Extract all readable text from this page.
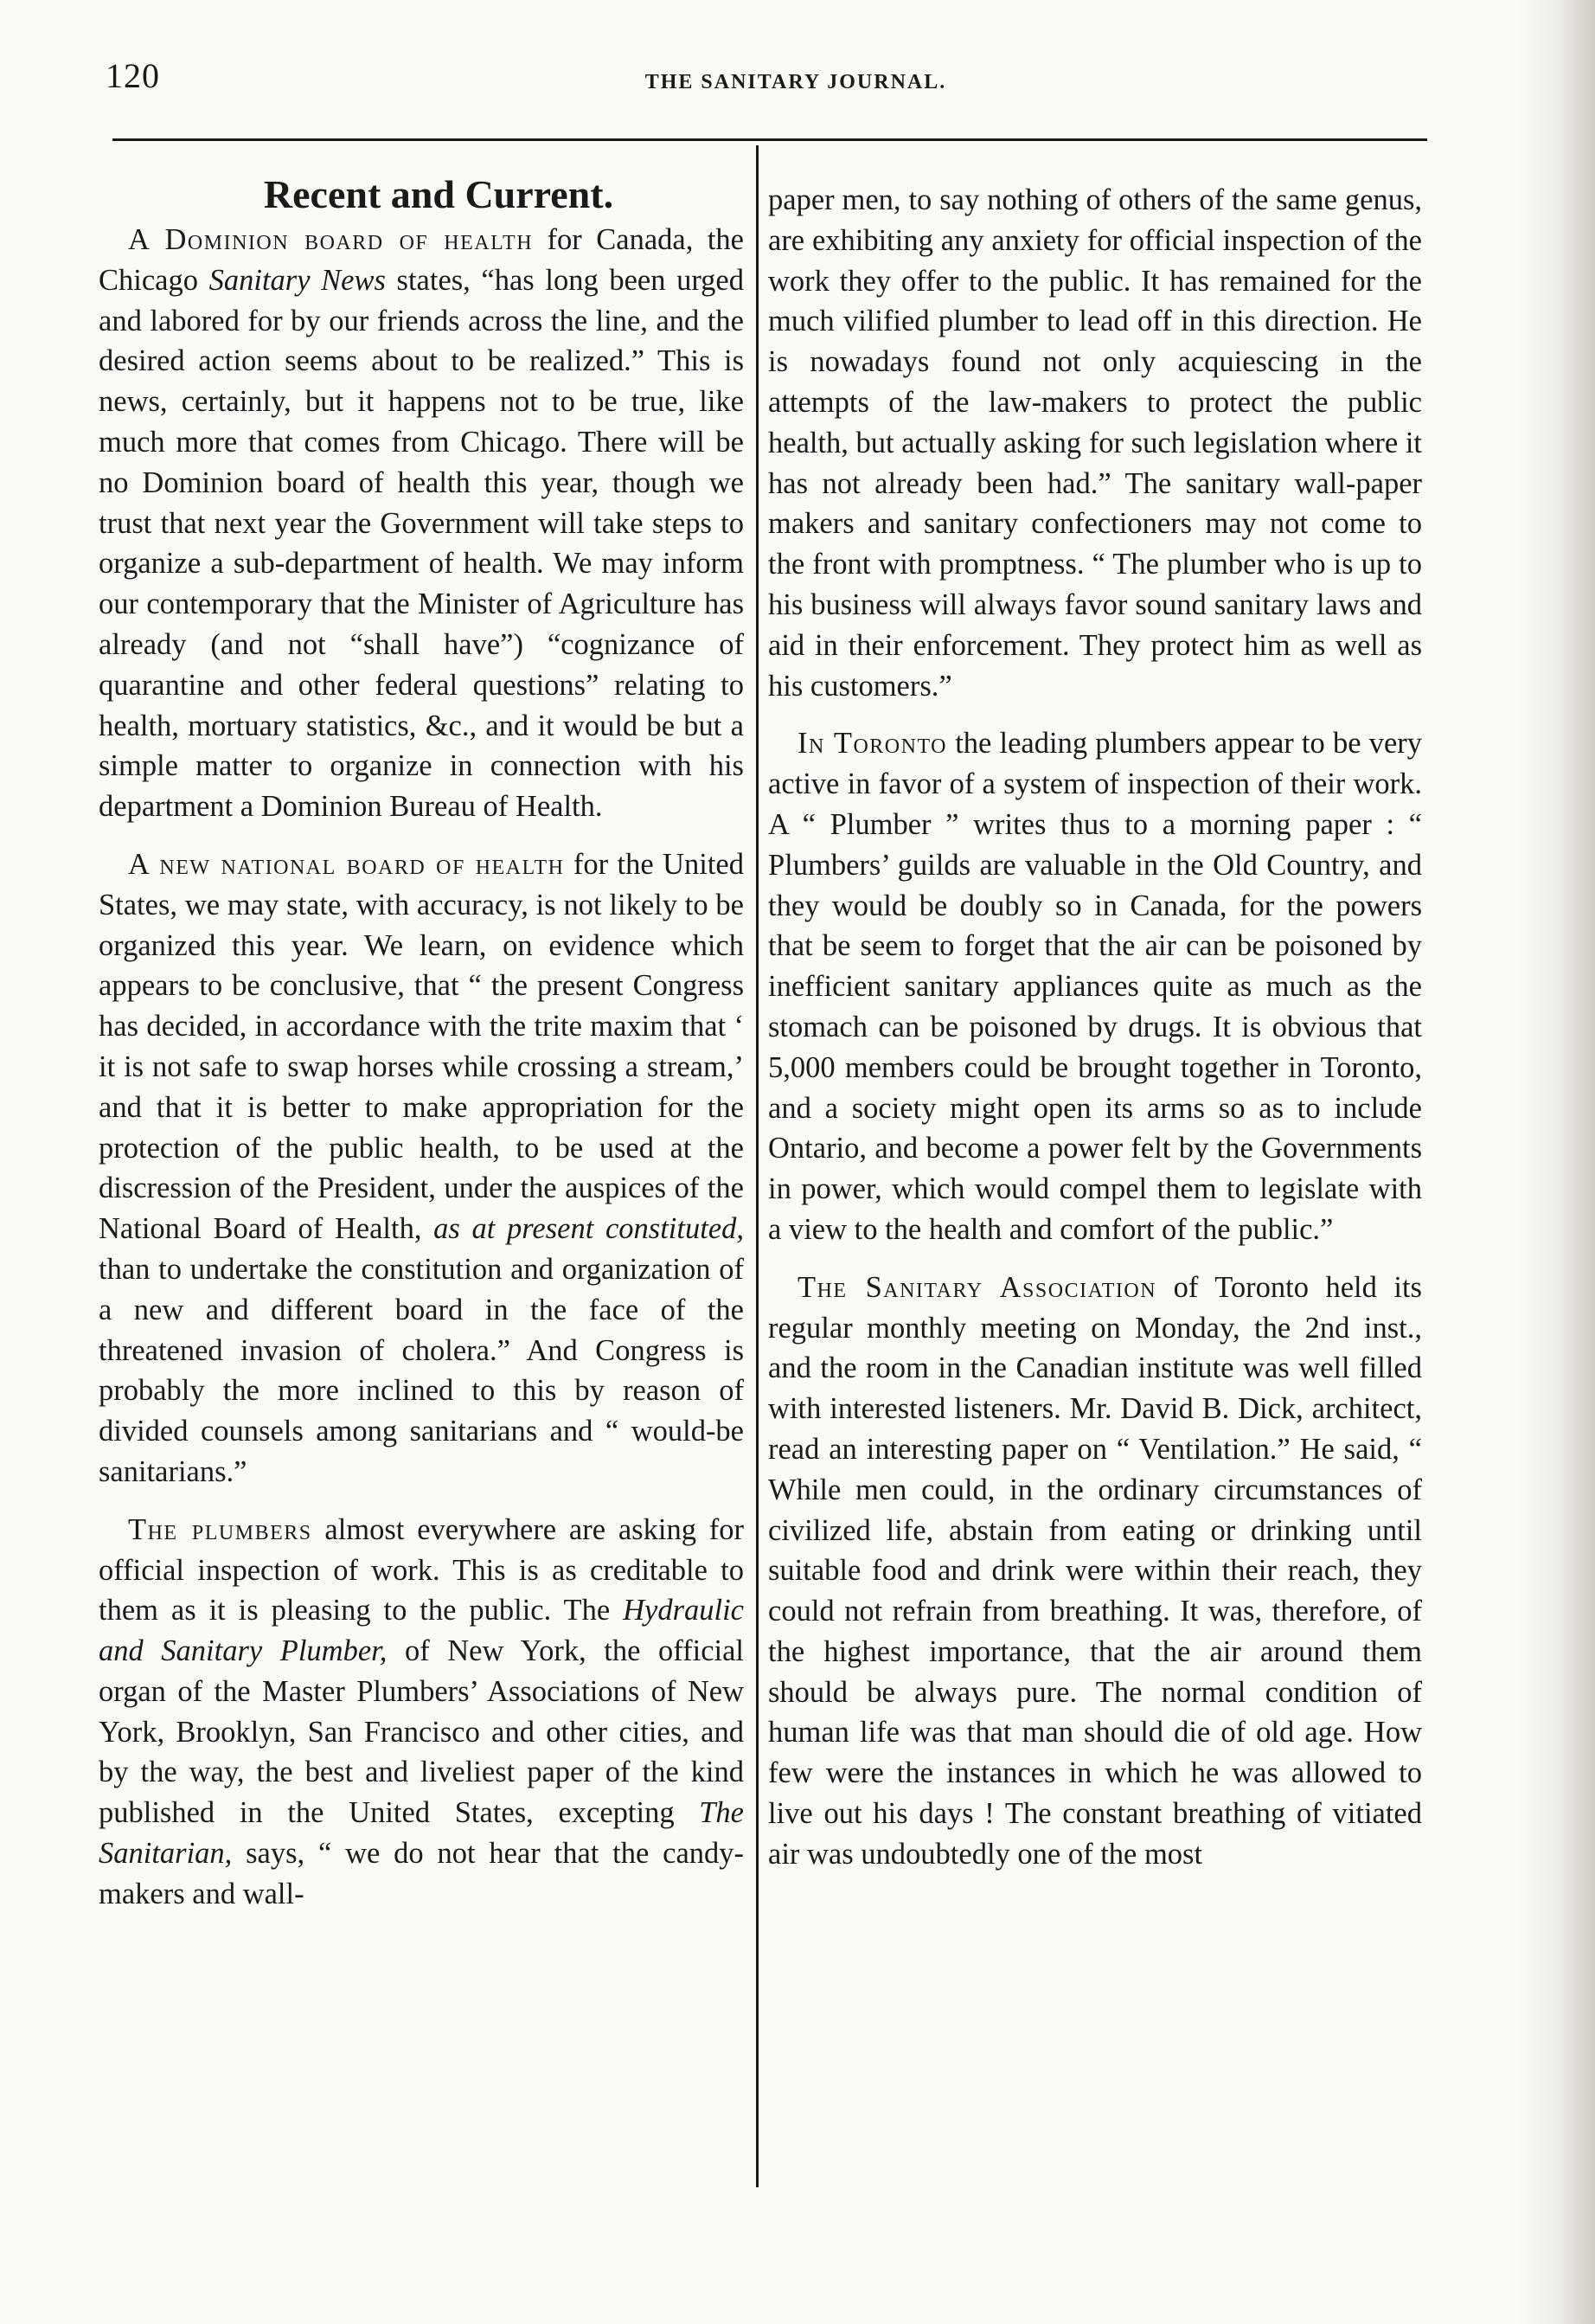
120	THE SANITARY JOURNAL.
Recent and Current.

A Dominion board of health for Canada, the Chicago Sanitary News states, “has long been urged and labored for by our friends across the line, and the desired action seems about to be realized.” This is news, certainly, but it happens not to be true, like much more that comes from Chicago. There will be no Dominion board of health this year, though we trust that next year the Government will take steps to organize a sub-department of health. We may inform our contemporary that the Minister of Agriculture has already (and not “shall have”) “cognizance of quarantine and other federal questions” relating to health, mortuary statistics, &c., and it would be but a simple matter to organize in connection with his department a Dominion Bureau of Health.

A new national board of health for the United States, we may state, with accuracy, is not likely to be organized this year. We learn, on evidence which appears to be conclusive, that “ the present Congress has decided, in accordance with the trite maxim that ‘ it is not safe to swap horses while crossing a stream,’ and that it is better to make appropriation for the protection of the public health, to be used at the discression of the President, under the auspices of the National Board of Health, as at present constituted, than to undertake the constitution and organization of a new and different board in the face of the threatened invasion of cholera.” And Congress is probably the more inclined to this by reason of divided counsels among sanitarians and “ would-be sanitarians.”

The plumbers almost everywhere are asking for official inspection of work. This is as creditable to them as it is pleasing to the public. The Hydraulic and Sanitary Plumber, of New York, the official organ of the Master Plumbers’ Associations of New York, Brooklyn, San Francisco and other cities, and by the way, the best and liveliest paper of the kind published in the United States, excepting The Sanitarian, says, “ we do not hear that the candy-makers and wall-

paper men, to say nothing of others of the same genus, are exhibiting any anxiety for official inspection of the work they offer to the public. It has remained for the much vilified plumber to lead off in this direction. He is nowadays found not only acquiescing in the attempts of the law-makers to protect the public health, but actually asking for such legislation where it has not already been had.” The sanitary wall-paper makers and sanitary confectioners may not come to the front with promptness. “ The plumber who is up to his business will always favor sound sanitary laws and aid in their enforcement. They protect him as well as his customers.”

In Toronto the leading plumbers appear to be very active in favor of a system of inspection of their work. A “ Plumber ” writes thus to a morning paper : “ Plumbers’ guilds are valuable in the Old Country, and they would be doubly so in Canada, for the powers that be seem to forget that the air can be poisoned by inefficient sanitary appliances quite as much as the stomach can be poisoned by drugs. It is obvious that 5,000 members could be brought together in Toronto, and a society might open its arms so as to include Ontario, and become a power felt by the Governments in power, which would compel them to legislate with a view to the health and comfort of the public.”

The Sanitary Association of Toronto held its regular monthly meeting on Monday, the 2nd inst., and the room in the Canadian institute was well filled with interested listeners. Mr. David B. Dick, architect, read an interesting paper on “ Ventilation.” He said, “ While men could, in the ordinary circumstances of civilized life, abstain from eating or drinking until suitable food and drink were within their reach, they could not refrain from breathing. It was, therefore, of the highest importance, that the air around them should be always pure. The normal condition of human life was that man should die of old age. How few were the instances in which he was allowed to live out his days ! The constant breathing of vitiated air was undoubtedly one of the most
